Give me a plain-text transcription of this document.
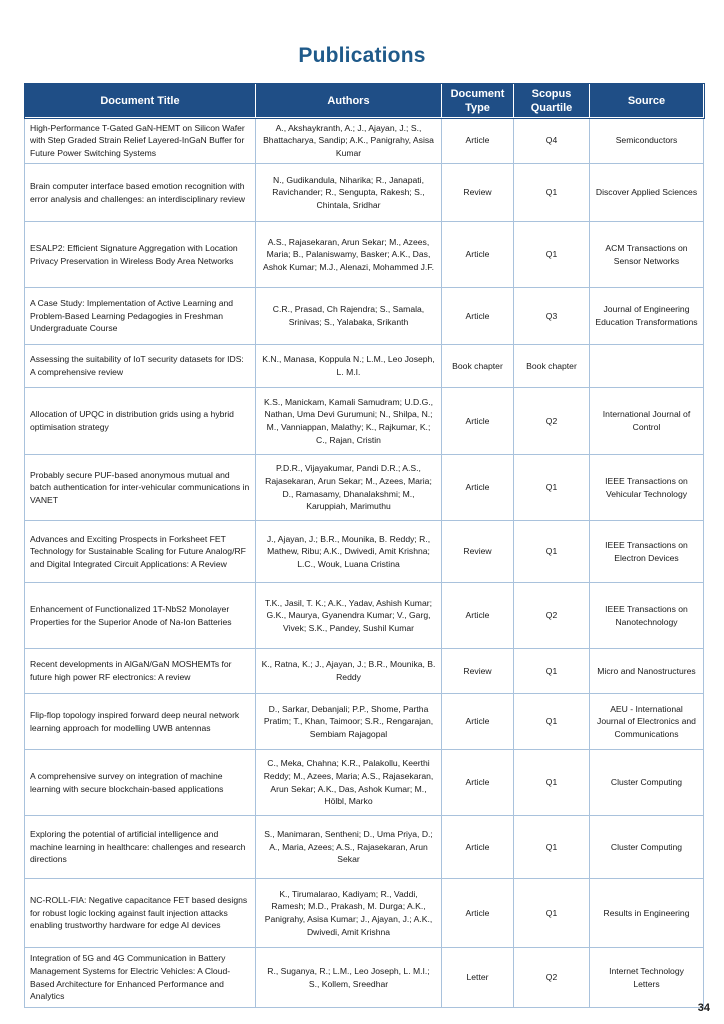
Publications
Document Title	Authors	Document Type	Scopus Quartile	Source
High-Performance T-Gated GaN-HEMT on Silicon Wafer with Step Graded Strain Relief Layered-InGaN Buffer for Future Power Switching Systems	A., Akshaykranth, A.; J., Ajayan, J.; S., Bhattacharya, Sandip; A.K., Panigrahy, Asisa Kumar	Article	Q4	Semiconductors
Brain computer interface based emotion recognition with error analysis and challenges: an interdisciplinary review	N., Gudikandula, Niharika; R., Janapati, Ravichander; R., Sengupta, Rakesh; S., Chintala, Sridhar	Review	Q1	Discover Applied Sciences
ESALP2: Efficient Signature Aggregation with Location Privacy Preservation in Wireless Body Area Networks	A.S., Rajasekaran, Arun Sekar; M., Azees, Maria; B., Palaniswamy, Basker; A.K., Das, Ashok Kumar; M.J., Alenazi, Mohammed J.F.	Article	Q1	ACM Transactions on Sensor Networks
A Case Study: Implementation of Active Learning and Problem-Based Learning Pedagogies in Freshman Undergraduate Course	C.R., Prasad, Ch Rajendra; S., Samala, Srinivas; S., Yalabaka, Srikanth	Article	Q3	Journal of Engineering Education Transformations
Assessing the suitability of IoT security datasets for IDS: A comprehensive review	K.N., Manasa, Koppula N.; L.M., Leo Joseph, L. M.I.	Book chapter	Book chapter	
Allocation of UPQC in distribution grids using a hybrid optimisation strategy	K.S., Manickam, Kamali Samudram; U.D.G., Nathan, Uma Devi Gurumuni; N., Shilpa, N.; M., Vanniappan, Malathy; K., Rajkumar, K.; C., Rajan, Cristin	Article	Q2	International Journal of Control
Probably secure PUF-based anonymous mutual and batch authentication for inter-vehicular communications in VANET	P.D.R., Vijayakumar, Pandi D.R.; A.S., Rajasekaran, Arun Sekar; M., Azees, Maria; D., Ramasamy, Dhanalakshmi; M., Karuppiah, Marimuthu	Article	Q1	IEEE Transactions on Vehicular Technology
Advances and Exciting Prospects in Forksheet FET Technology for Sustainable Scaling for Future Analog/RF and Digital Integrated Circuit Applications: A Review	J., Ajayan, J.; B.R., Mounika, B. Reddy; R., Mathew, Ribu; A.K., Dwivedi, Amit Krishna; L.C., Wouk, Luana Cristina	Review	Q1	IEEE Transactions on Electron Devices
Enhancement of Functionalized 1T-NbS2 Monolayer Properties for the Superior Anode of Na-Ion Batteries	T.K., Jasil, T. K.; A.K., Yadav, Ashish Kumar; G.K., Maurya, Gyanendra Kumar; V., Garg, Vivek; S.K., Pandey, Sushil Kumar	Article	Q2	IEEE Transactions on Nanotechnology
Recent developments in AlGaN/GaN MOSHEMTs for future high power RF electronics: A review	K., Ratna, K.; J., Ajayan, J.; B.R., Mounika, B. Reddy	Review	Q1	Micro and Nanostructures
Flip-flop topology inspired forward deep neural network learning approach for modelling UWB antennas	D., Sarkar, Debanjali; P.P., Shome, Partha Pratim; T., Khan, Taimoor; S.R., Rengarajan, Sembiam Rajagopal	Article	Q1	AEU - International Journal of Electronics and Communications
A comprehensive survey on integration of machine learning with secure blockchain-based applications	C., Meka, Chahna; K.R., Palakollu, Keerthi Reddy; M., Azees, Maria; A.S., Rajasekaran, Arun Sekar; A.K., Das, Ashok Kumar; M., Hölbl, Marko	Article	Q1	Cluster Computing
Exploring the potential of artificial intelligence and machine learning in healthcare: challenges and research directions	S., Manimaran, Sentheni; D., Uma Priya, D.; A., Maria, Azees; A.S., Rajasekaran, Arun Sekar	Article	Q1	Cluster Computing
NC-ROLL-FIA: Negative capacitance FET based designs for robust logic locking against fault injection attacks enabling trustworthy hardware for edge AI devices	K., Tirumalarao, Kadiyam; R., Vaddi, Ramesh; M.D., Prakash, M. Durga; A.K., Panigrahy, Asisa Kumar; J., Ajayan, J.; A.K., Dwivedi, Amit Krishna	Article	Q1	Results in Engineering
Integration of 5G and 4G Communication in Battery Management Systems for Electric Vehicles: A Cloud-Based Architecture for Enhanced Performance and Analytics	R., Suganya, R.; L.M., Leo Joseph, L. M.I.; S., Kollem, Sreedhar	Letter	Q2	Internet Technology Letters
34
